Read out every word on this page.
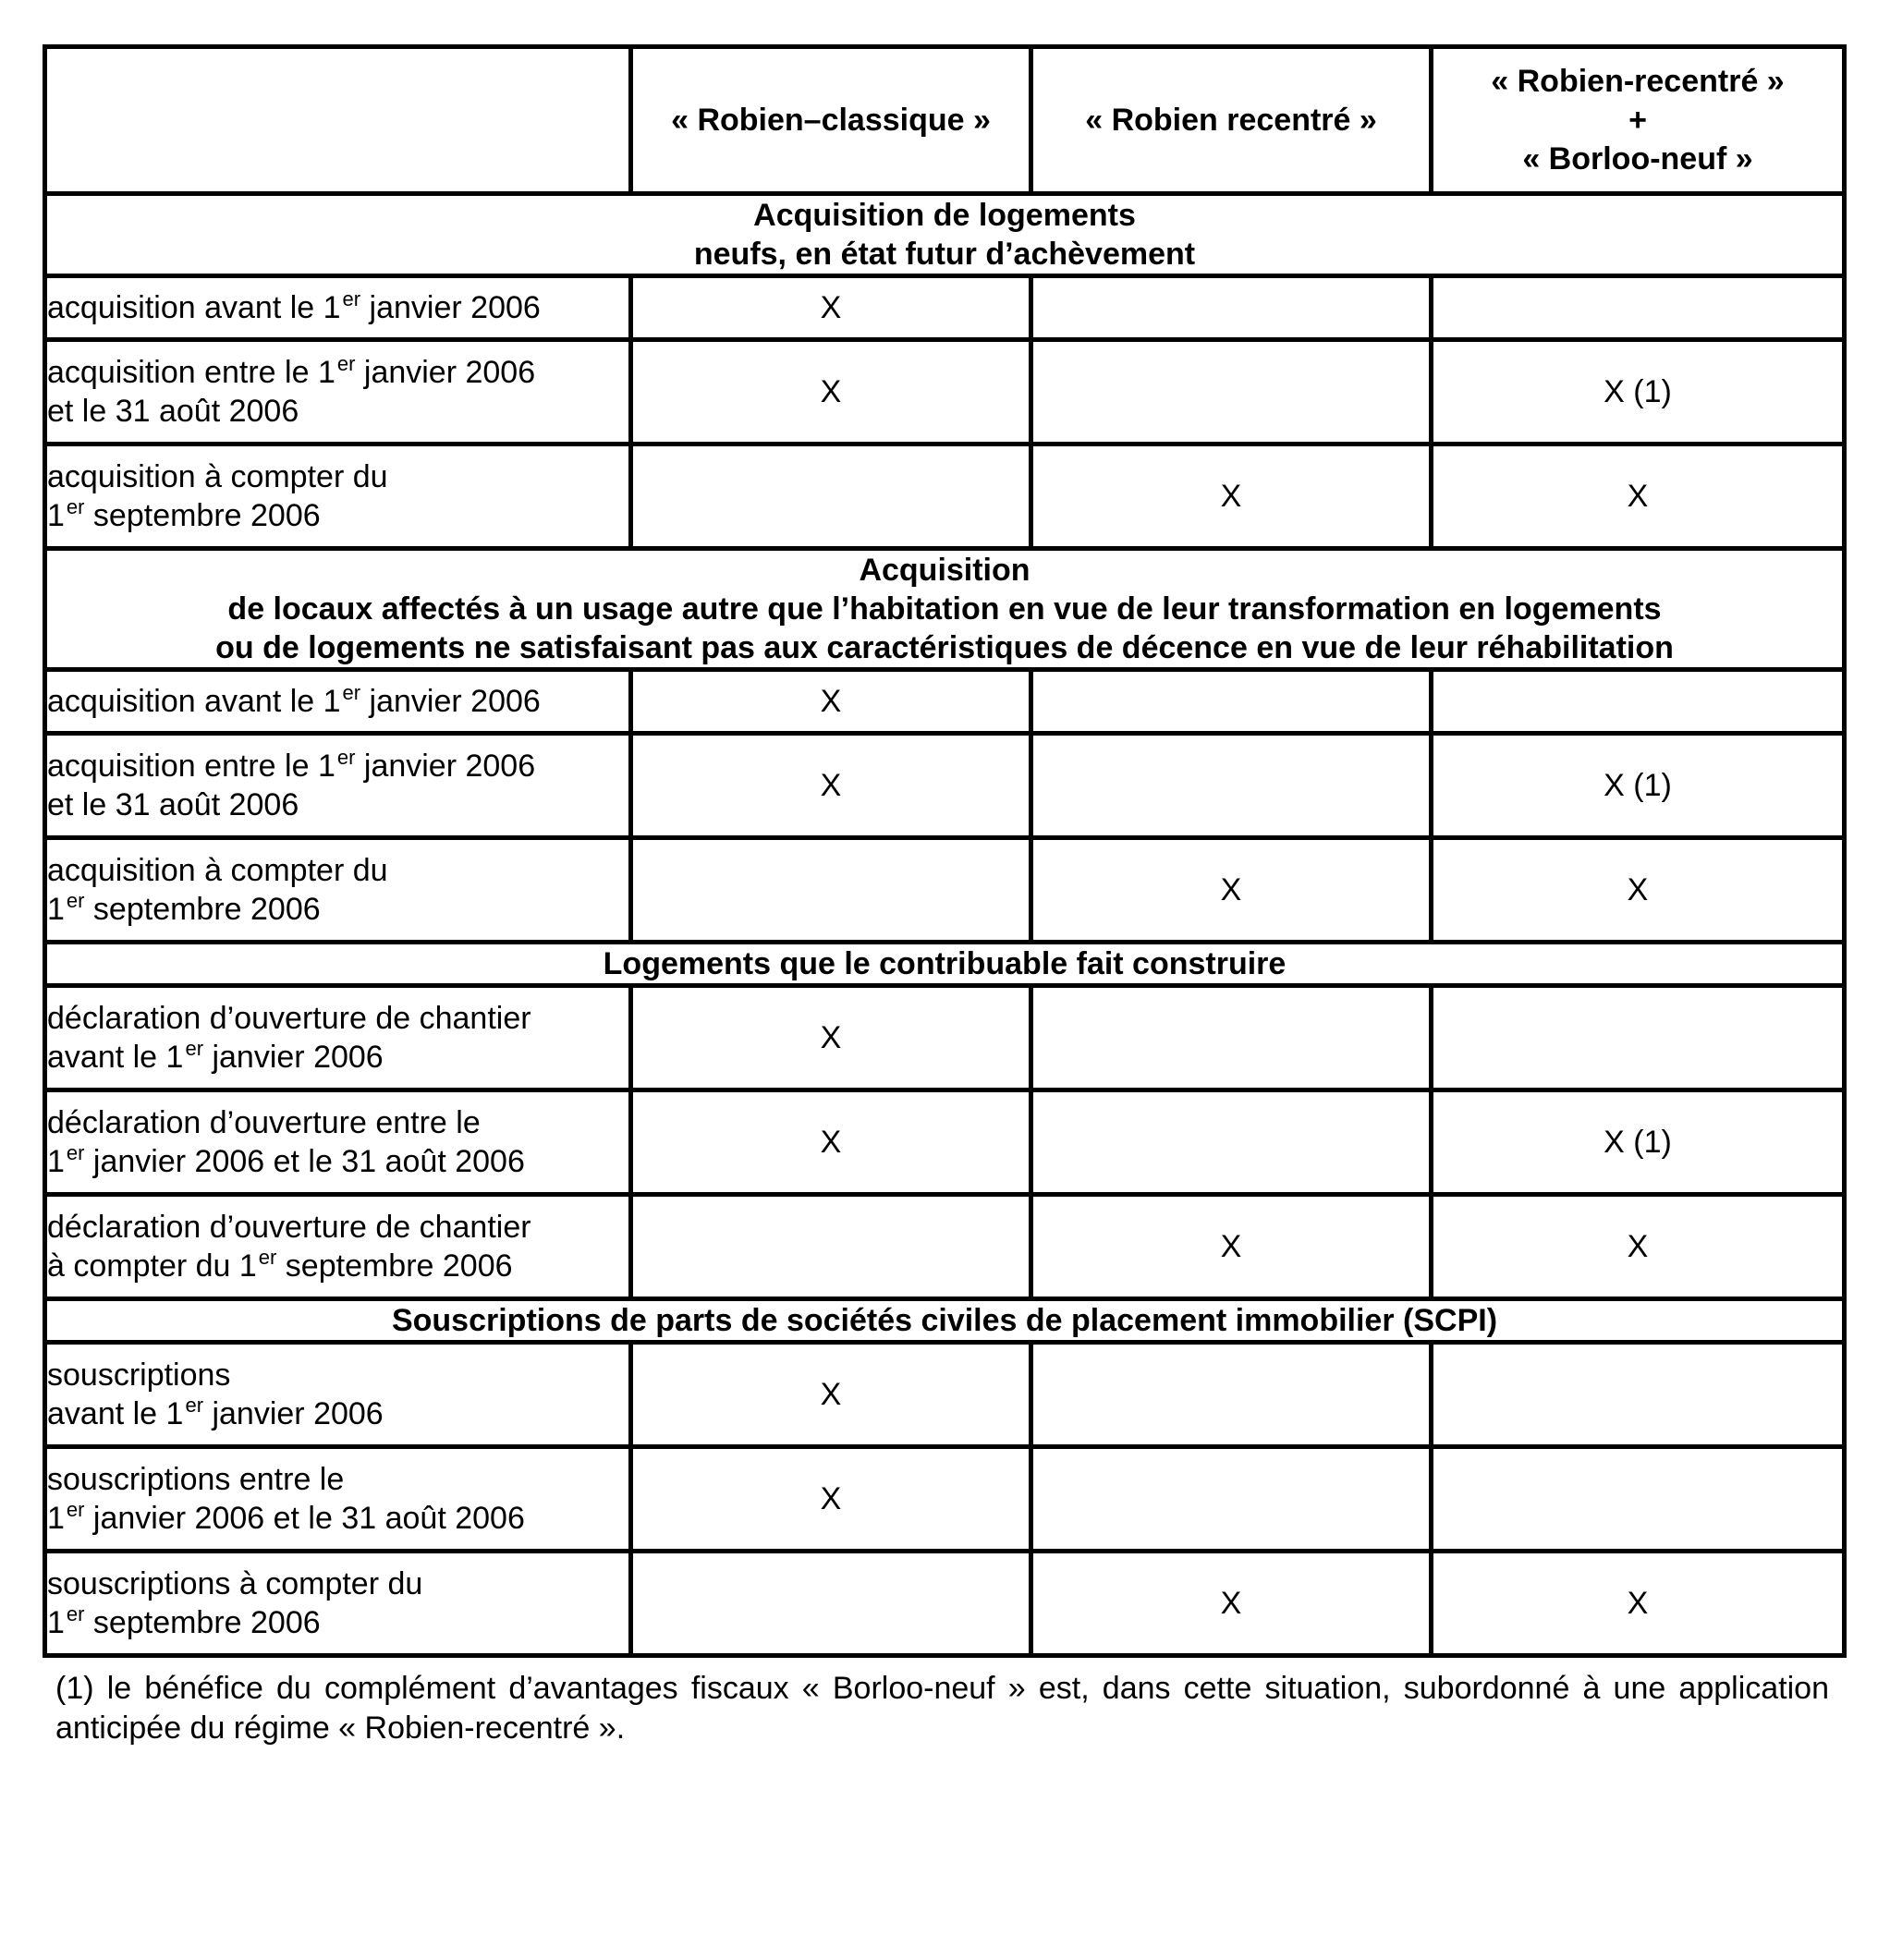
	« Robien–classique »	« Robien recentré »	« Robien-recentré »
+
« Borloo-neuf »

Acquisition de logements
neufs, en état futur d’achèvement			

acquisition avant le 1er janvier 2006	X		
acquisition entre le 1er janvier 2006
et le 31 août 2006	X		X (1)
acquisition à compter du
1er septembre 2006		X	X

Acquisition
de locaux affectés à un usage autre que l’habitation en vue de leur transformation en logements
ou de logements ne satisfaisant pas aux caractéristiques de décence en vue de leur réhabilitation			

acquisition avant le 1er janvier 2006	X		
acquisition entre le 1er janvier 2006
et le 31 août 2006	X		X (1)
acquisition à compter du
1er septembre 2006		X	X

Logements que le contribuable fait construire			

déclaration d’ouverture de chantier
avant le 1er janvier 2006	X		
déclaration d’ouverture entre le
1er janvier 2006 et le 31 août 2006	X		X (1)
déclaration d’ouverture de chantier
à compter du 1er septembre 2006		X	X

Souscriptions de parts de sociétés civiles de placement immobilier (SCPI)			

souscriptions
avant le 1er janvier 2006	X		
souscriptions entre le
1er janvier 2006 et le 31 août 2006	X		
souscriptions à compter du
1er septembre 2006		X	X
(1) le bénéfice du complément d’avantages fiscaux « Borloo-neuf » est, dans cette situation, subordonné à une application anticipée du régime « Robien-recentré ».
